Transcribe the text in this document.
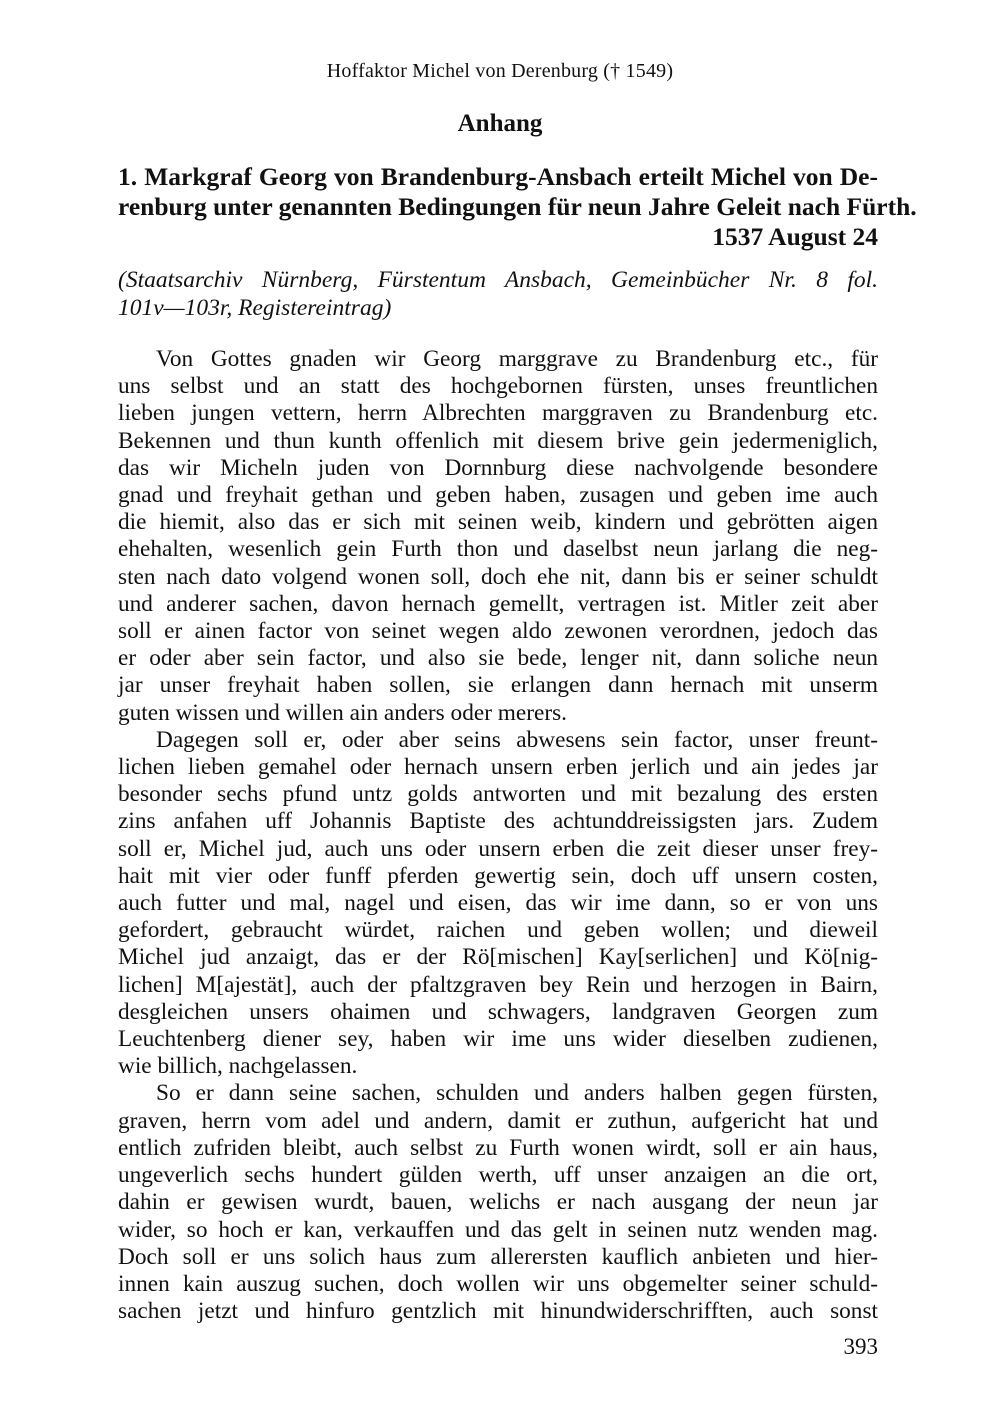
Hoffaktor Michel von Derenburg († 1549)
Anhang
1. Markgraf Georg von Brandenburg-Ansbach erteilt Michel von De-
renburg unter genannten Bedingungen für neun Jahre Geleit nach Fürth.
1537 August 24
(Staatsarchiv Nürnberg, Fürstentum Ansbach, Gemeinbücher Nr. 8 fol.
101v—103r, Registereintrag)
Von Gottes gnaden wir Georg marggrave zu Brandenburg etc., für
uns selbst und an statt des hochgebornen fürsten, unses freuntlichen
lieben jungen vettern, herrn Albrechten marggraven zu Brandenburg etc.
Bekennen und thun kunth offenlich mit diesem brive gein jedermeniglich,
das wir Micheln juden von Dornnburg diese nachvolgende besondere
gnad und freyhait gethan und geben haben, zusagen und geben ime auch
die hiemit, also das er sich mit seinen weib, kindern und gebrötten aigen
ehehalten, wesenlich gein Furth thon und daselbst neun jarlang die neg-
sten nach dato volgend wonen soll, doch ehe nit, dann bis er seiner schuldt
und anderer sachen, davon hernach gemellt, vertragen ist. Mitler zeit aber
soll er ainen factor von seinet wegen aldo zewonen verordnen, jedoch das
er oder aber sein factor, und also sie bede, lenger nit, dann soliche neun
jar unser freyhait haben sollen, sie erlangen dann hernach mit unserm
guten wissen und willen ain anders oder merers.
Dagegen soll er, oder aber seins abwesens sein factor, unser freunt-
lichen lieben gemahel oder hernach unsern erben jerlich und ain jedes jar
besonder sechs pfund untz golds antworten und mit bezalung des ersten
zins anfahen uff Johannis Baptiste des achtunddreissigsten jars. Zudem
soll er, Michel jud, auch uns oder unsern erben die zeit dieser unser frey-
hait mit vier oder funff pferden gewertig sein, doch uff unsern costen,
auch futter und mal, nagel und eisen, das wir ime dann, so er von uns
gefordert, gebraucht würdet, raichen und geben wollen; und dieweil
Michel jud anzaigt, das er der Rö[mischen] Kay[serlichen] und Kö[nig-
lichen] M[ajestät], auch der pfaltzgraven bey Rein und herzogen in Bairn,
desgleichen unsers ohaimen und schwagers, landgraven Georgen zum
Leuchtenberg diener sey, haben wir ime uns wider dieselben zudienen,
wie billich, nachgelassen.
So er dann seine sachen, schulden und anders halben gegen fürsten,
graven, herrn vom adel und andern, damit er zuthun, aufgericht hat und
entlich zufriden bleibt, auch selbst zu Furth wonen wirdt, soll er ain haus,
ungeverlich sechs hundert gülden werth, uff unser anzaigen an die ort,
dahin er gewisen wurdt, bauen, welichs er nach ausgang der neun jar
wider, so hoch er kan, verkauffen und das gelt in seinen nutz wenden mag.
Doch soll er uns solich haus zum allerersten kauflich anbieten und hier-
innen kain auszug suchen, doch wollen wir uns obgemelter seiner schuld-
sachen jetzt und hinfuro gentzlich mit hinundwiderschrifften, auch sonst
393
